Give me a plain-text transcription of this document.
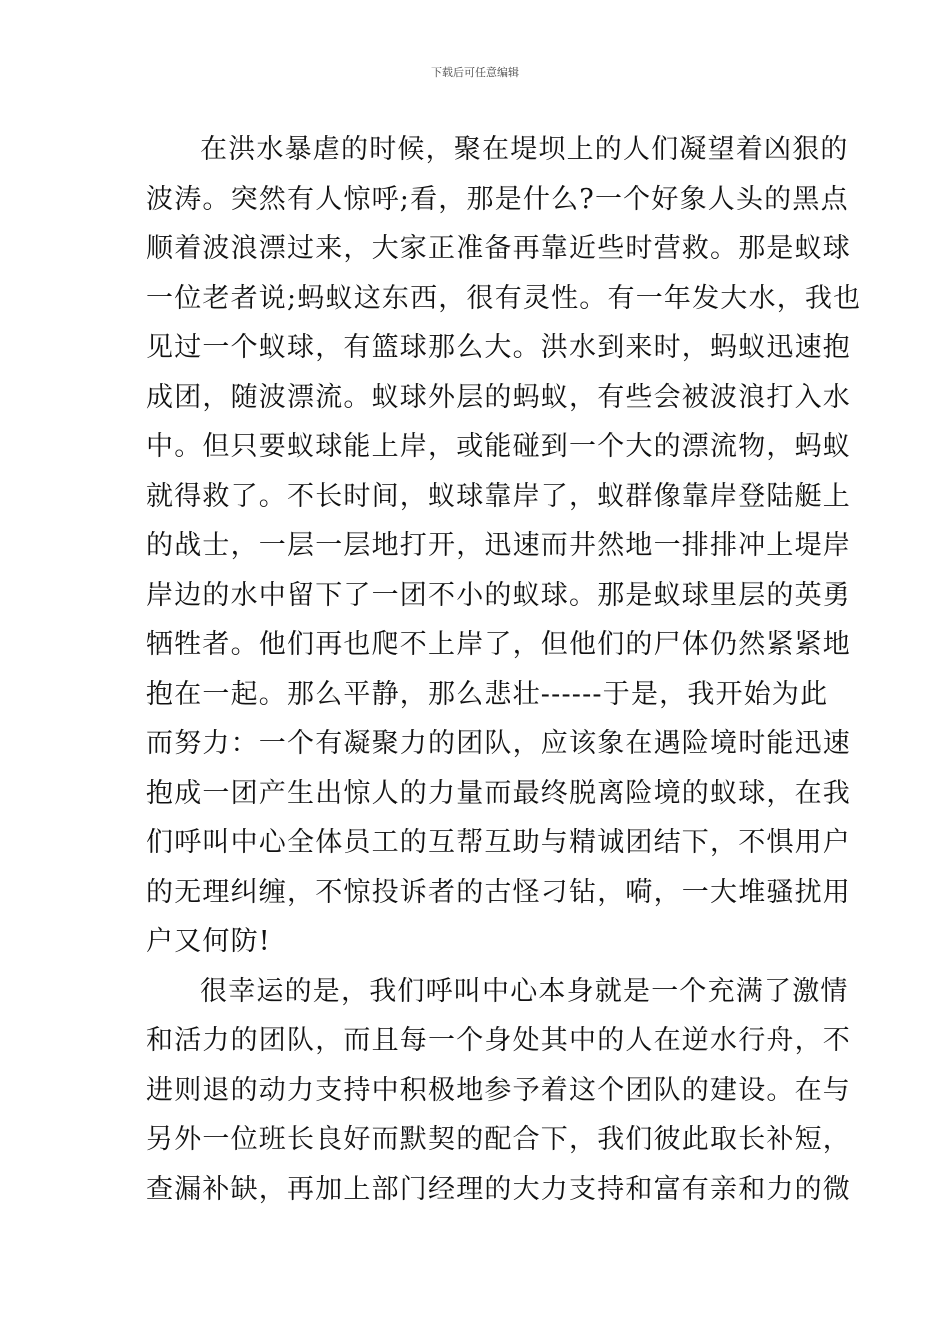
下载后可任意编辑
在洪水暴虐的时候，聚在堤坝上的人们凝望着凶狠的
波涛。突然有人惊呼;看，那是什么?一个好象人头的黑点
顺着波浪漂过来，大家正准备再靠近些时营救。那是蚁球
一位老者说;蚂蚁这东西，很有灵性。有一年发大水，我也
见过一个蚁球，有篮球那么大。洪水到来时，蚂蚁迅速抱
成团，随波漂流。蚁球外层的蚂蚁，有些会被波浪打入水
中。但只要蚁球能上岸，或能碰到一个大的漂流物，蚂蚁
就得救了。不长时间，蚁球靠岸了，蚁群像靠岸登陆艇上
的战士，一层一层地打开，迅速而井然地一排排冲上堤岸
岸边的水中留下了一团不小的蚁球。那是蚁球里层的英勇
牺牲者。他们再也爬不上岸了，但他们的尸体仍然紧紧地
抱在一起。那么平静，那么悲壮------于是，我开始为此
而努力：一个有凝聚力的团队，应该象在遇险境时能迅速
抱成一团产生出惊人的力量而最终脱离险境的蚁球，在我
们呼叫中心全体员工的互帮互助与精诚团结下，不惧用户
的无理纠缠，不惊投诉者的古怪刁钻，嗬，一大堆骚扰用
户又何防!
很幸运的是，我们呼叫中心本身就是一个充满了激情
和活力的团队，而且每一个身处其中的人在逆水行舟，不
进则退的动力支持中积极地参予着这个团队的建设。在与
另外一位班长良好而默契的配合下，我们彼此取长补短，
查漏补缺，再加上部门经理的大力支持和富有亲和力的微
